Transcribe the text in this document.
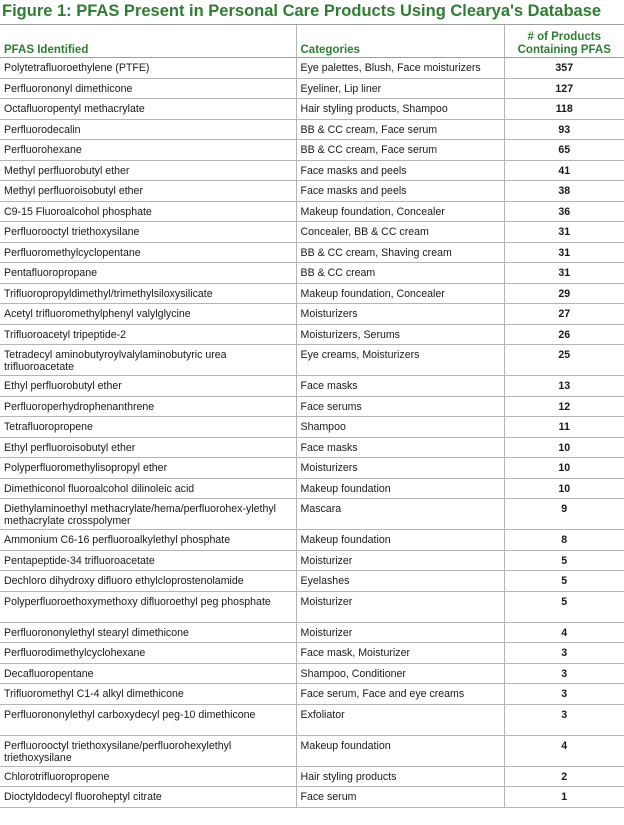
Figure 1: PFAS Present in Personal Care Products Using Clearya's Database
PFAS Identified	Categories	# of Products Containing PFAS
Polytetrafluoroethylene (PTFE)	Eye palettes, Blush, Face moisturizers	357
Perfluorononyl dimethicone	Eyeliner, Lip liner	127
Octafluoropentyl methacrylate	Hair styling products, Shampoo	118
Perfluorodecalin	BB & CC cream, Face serum	93
Perfluorohexane	BB & CC cream, Face serum	65
Methyl perfluorobutyl ether	Face masks and peels	41
Methyl perfluoroisobutyl ether	Face masks and peels	38
C9-15 Fluoroalcohol phosphate	Makeup foundation, Concealer	36
Perfluorooctyl triethoxysilane	Concealer, BB & CC cream	31
Perfluoromethylcyclopentane	BB & CC cream, Shaving cream	31
Pentafluoropropane	BB & CC cream	31
Trifluoropropyldimethyl/trimethylsiloxysilicate	Makeup foundation, Concealer	29
Acetyl trifluoromethylphenyl valylglycine	Moisturizers	27
Trifluoroacetyl tripeptide-2	Moisturizers, Serums	26
Tetradecyl aminobutyroylvalylaminobutyric urea trifluoroacetate	Eye creams, Moisturizers	25
Ethyl perfluorobutyl ether	Face masks	13
Perfluoroperhydrophenanthrene	Face serums	12
Tetrafluoropropene	Shampoo	11
Ethyl perfluoroisobutyl ether	Face masks	10
Polyperfluoromethylisopropyl ether	Moisturizers	10
Dimethiconol fluoroalcohol dilinoleic acid	Makeup foundation	10
Diethylaminoethyl methacrylate/hema/perfluorohex-ylethyl methacrylate crosspolymer	Mascara	9
Ammonium C6-16 perfluoroalkylethyl phosphate	Makeup foundation	8
Pentapeptide-34 trifluoroacetate	Moisturizer	5
Dechloro dihydroxy difluoro ethylcloprostenolamide	Eyelashes	5
Polyperfluoroethoxymethoxy difluoroethyl peg phosphate	Moisturizer	5
Perfluorononylethyl stearyl dimethicone	Moisturizer	4
Perfluorodimethylcyclohexane	Face mask, Moisturizer	3
Decafluoropentane	Shampoo, Conditioner	3
Trifluoromethyl C1-4 alkyl dimethicone	Face serum, Face and eye creams	3
Perfluorononylethyl carboxydecyl peg-10 dimethicone	Exfoliator	3
Perfluorooctyl triethoxysilane/perfluorohexylethyl triethoxysilane	Makeup foundation	4
Chlorotrifluoropropene	Hair styling products	2
Dioctyldodecyl fluoroheptyl citrate	Face serum	1
